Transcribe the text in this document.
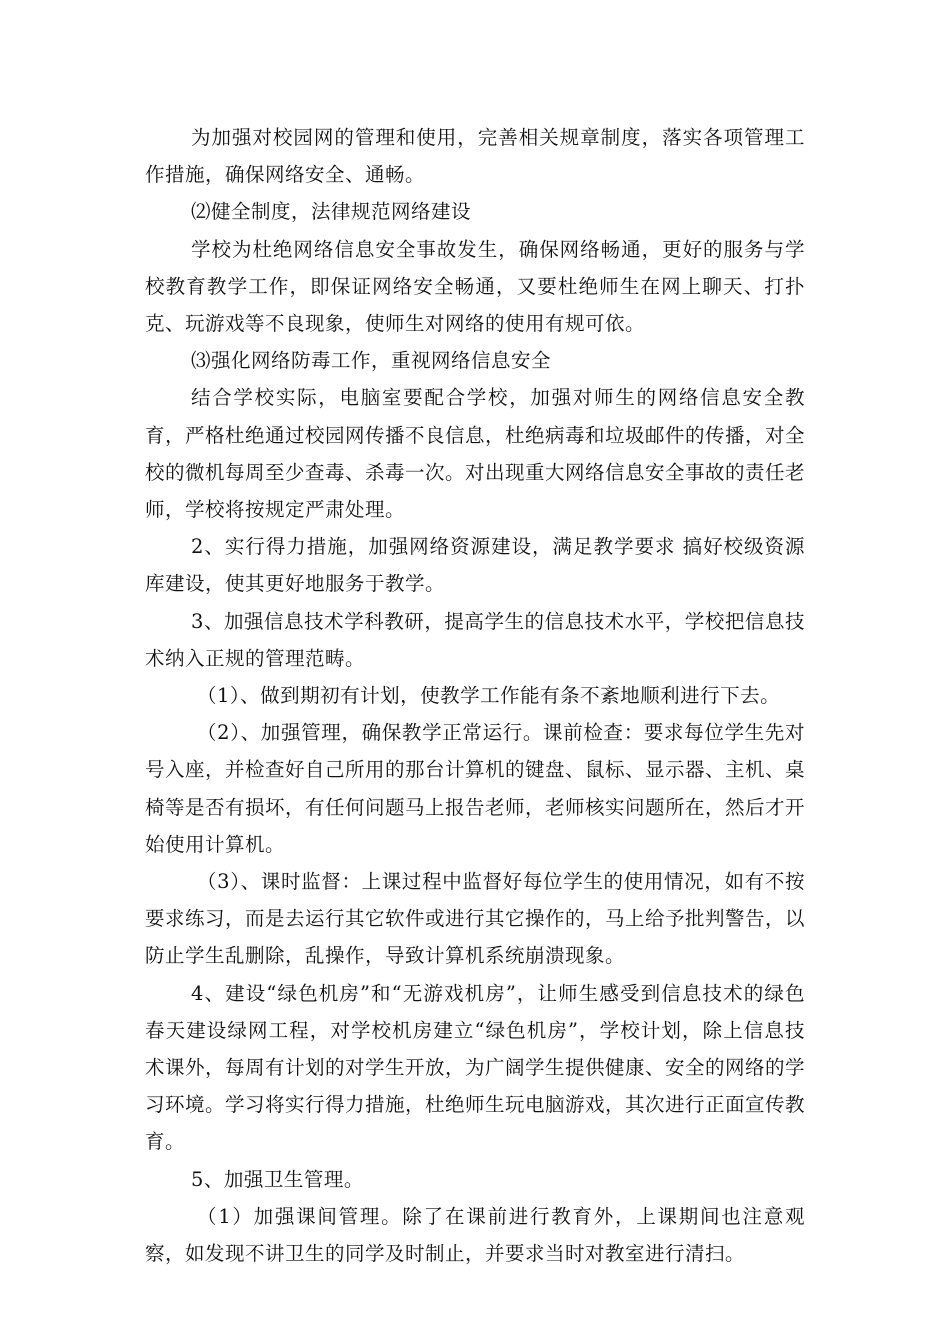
为加强对校园网的管理和使用，完善相关规章制度，落实各项管理工作措施，确保网络安全、通畅。

⑵健全制度，法律规范网络建设

学校为杜绝网络信息安全事故发生，确保网络畅通，更好的服务与学校教育教学工作，即保证网络安全畅通，又要杜绝师生在网上聊天、打扑克、玩游戏等不良现象，使师生对网络的使用有规可依。

⑶强化网络防毒工作，重视网络信息安全

结合学校实际，电脑室要配合学校，加强对师生的网络信息安全教育，严格杜绝通过校园网传播不良信息，杜绝病毒和垃圾邮件的传播，对全校的微机每周至少查毒、杀毒一次。对出现重大网络信息安全事故的责任老师，学校将按规定严肃处理。

2、实行得力措施，加强网络资源建设，满足教学要求 搞好校级资源库建设，使其更好地服务于教学。

3、加强信息技术学科教研，提高学生的信息技术水平，学校把信息技术纳入正规的管理范畴。

（1）、做到期初有计划，使教学工作能有条不紊地顺利进行下去。

（2）、加强管理，确保教学正常运行。课前检查：要求每位学生先对号入座，并检查好自己所用的那台计算机的键盘、鼠标、显示器、主机、桌椅等是否有损坏，有任何问题马上报告老师，老师核实问题所在，然后才开始使用计算机。

（3）、课时监督：上课过程中监督好每位学生的使用情况，如有不按要求练习，而是去运行其它软件或进行其它操作的，马上给予批判警告，以防止学生乱删除，乱操作，导致计算机系统崩溃现象。

4、建设“绿色机房”和“无游戏机房”，让师生感受到信息技术的绿色春天建设绿网工程，对学校机房建立“绿色机房”，学校计划，除上信息技术课外，每周有计划的对学生开放，为广阔学生提供健康、安全的网络的学习环境。学习将实行得力措施，杜绝师生玩电脑游戏，其次进行正面宣传教育。

5、加强卫生管理。

（1）加强课间管理。除了在课前进行教育外，上课期间也注意观察，如发现不讲卫生的同学及时制止，并要求当时对教室进行清扫。
